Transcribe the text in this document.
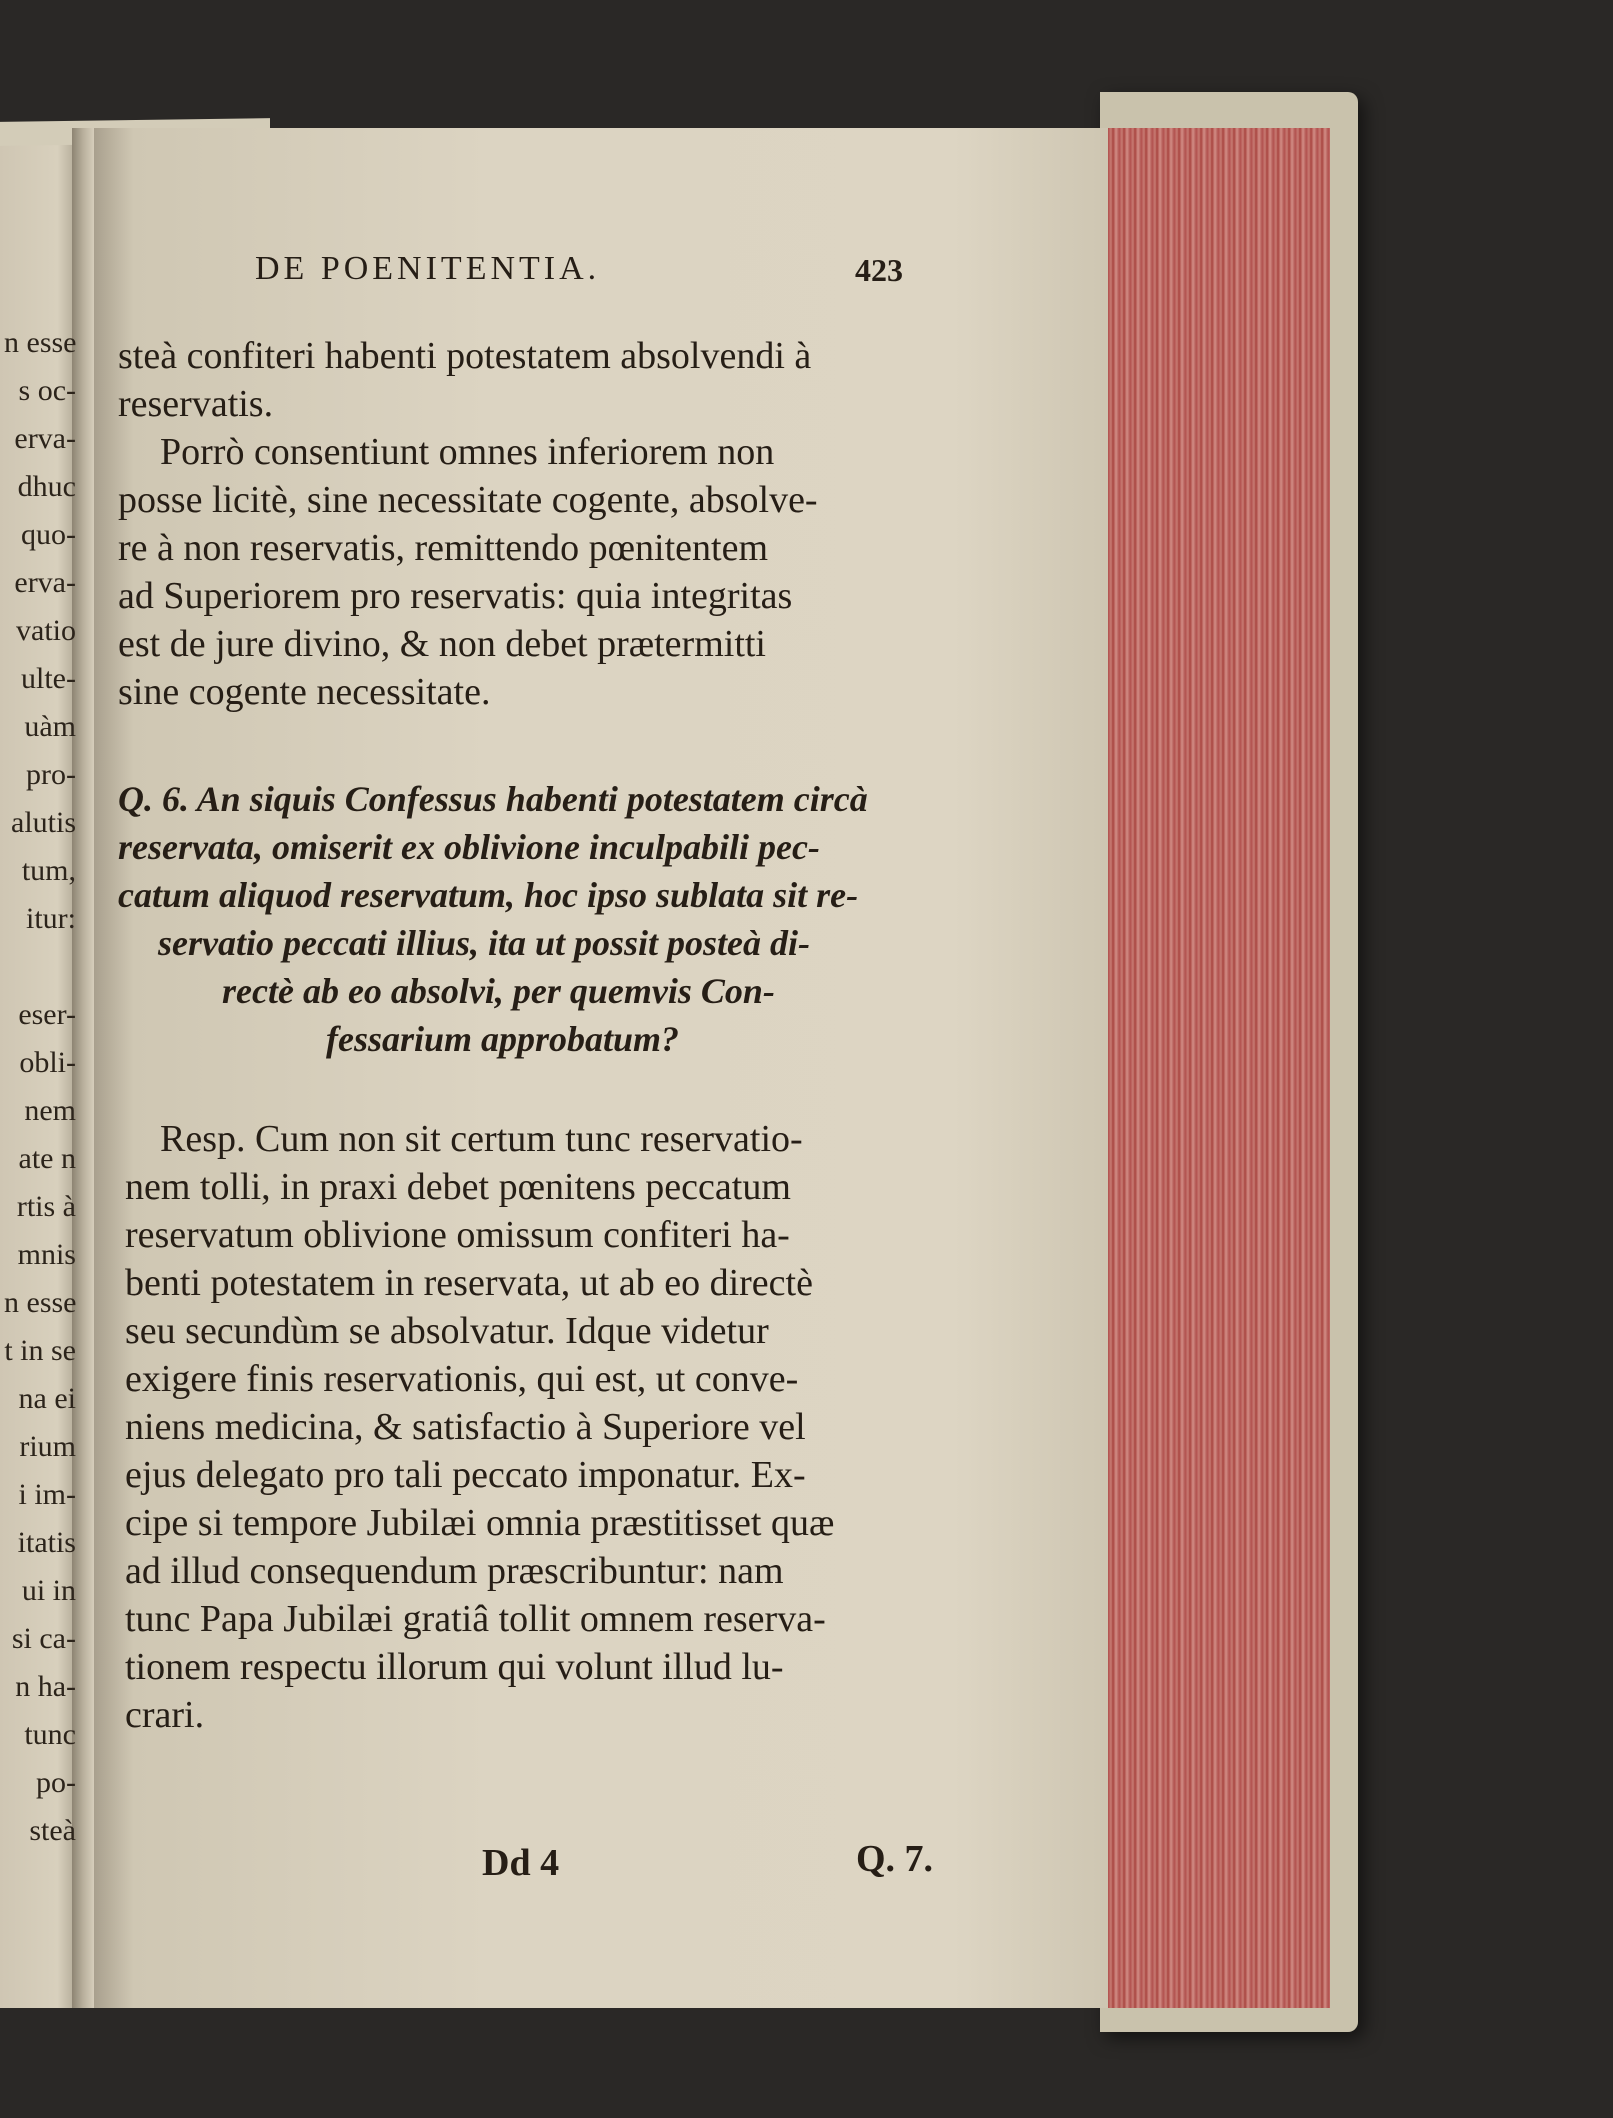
n esse
s oc-
erva-
dhuc
quo-
erva-
vatio
ulte-
uàm
pro-
alutis
tum,
itur:
eser-
obli-
nem
ate n
rtis à
mnis
n esse
t in se
na ei
rium
i im-
itatis
ui in
si ca-
n ha-
tunc
po-
steà
DE POENITENTIA.	423
steà confiteri habenti potestatem absolvendi à
reservatis.
Porrò consentiunt omnes inferiorem non
posse licitè, sine necessitate cogente, absolve-
re à non reservatis, remittendo pœnitentem
ad Superiorem pro reservatis: quia integritas
est de jure divino, & non debet prætermitti
sine cogente necessitate.
Q. 6. An siquis Confessus habenti potestatem circà
reservata, omiserit ex oblivione inculpabili pec-
catum aliquod reservatum, hoc ipso sublata sit re-
servatio peccati illius, ita ut possit posteà di-
rectè ab eo absolvi, per quemvis Con-
fessarium approbatum?
Resp. Cum non sit certum tunc reservatio-
nem tolli, in praxi debet pœnitens peccatum
reservatum oblivione omissum confiteri ha-
benti potestatem in reservata, ut ab eo directè
seu secundùm se absolvatur. Idque videtur
exigere finis reservationis, qui est, ut conve-
niens medicina, & satisfactio à Superiore vel
ejus delegato pro tali peccato imponatur. Ex-
cipe si tempore Jubilæi omnia præstitisset quæ
ad illud consequendum præscribuntur: nam
tunc Papa Jubilæi gratiâ tollit omnem reserva-
tionem respectu illorum qui volunt illud lu-
crari.
Dd 4	Q. 7.
